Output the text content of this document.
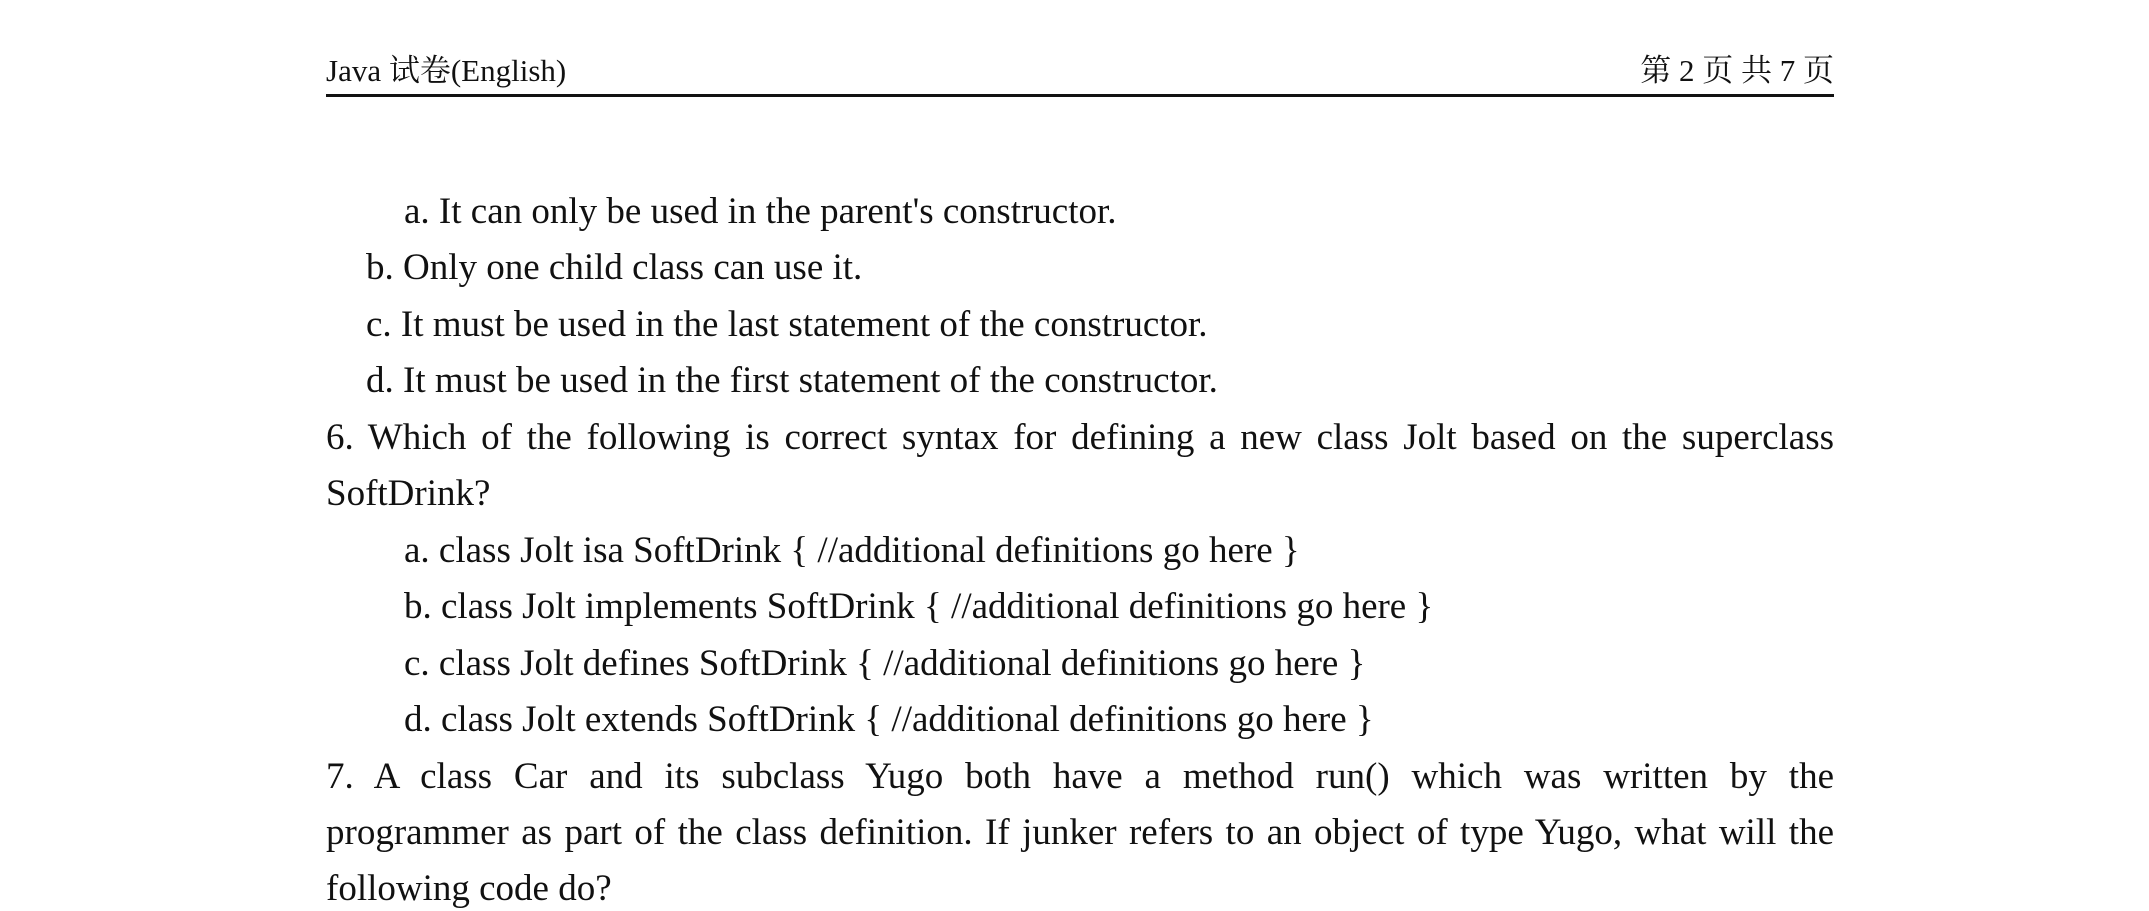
Java 试卷(English)	第 2 页 共 7 页
a. It can only be used in the parent's constructor.
b. Only one child class can use it.
c. It must be used in the last statement of the constructor.
d. It must be used in the first statement of the constructor.
6. Which of the following is correct syntax for defining a new class Jolt based on the superclass
SoftDrink?
a. class Jolt isa SoftDrink { //additional definitions go here }
b. class Jolt implements SoftDrink { //additional definitions go here }
c. class Jolt defines SoftDrink { //additional definitions go here }
d. class Jolt extends SoftDrink { //additional definitions go here }
7. A class Car and its subclass Yugo both have a method run() which was written by the
programmer as part of the class definition. If junker refers to an object of type Yugo, what will the
following code do?
